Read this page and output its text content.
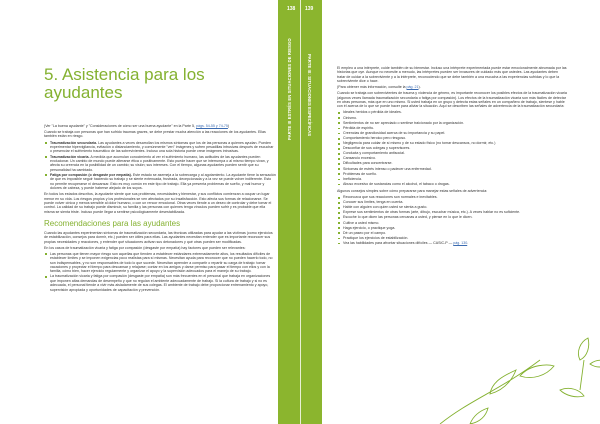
138 139
PARTE III ESTRÉS EN SITUACIONES DE RIESGO	PARTE III: SITUACIONES ESPECÍFICAS
5. Asistencia para los ayudantes

(Ver "La buena ayudante" y "Consideraciones de cómo ser una buena ayudante" en la Parte 5, págs. 54-55 y 74-75)

Cuando se trabaja con personas que han sufrido traumas graves, se debe prestar mucha atención a las reacciones de los ayudantes. Ellas también están en riesgo.

Traumatización secundaria. Las ayudantes a veces desarrollan los mismos síntomas que los de las personas a quienes ayudan. Pueden experimentar hipervigilancia, evitación o distanciamiento, y comúnmente "ven" imágenes y sufren pesadillas intrusivas después de escuchar o presenciar el sufrimiento traumático de las sobrevivientes. Incluso una sola historia puede crear imágenes intrusivas.
Traumatización vicaria. A medida que acumulan conocimiento al ver el sufrimiento humano, las actitudes de las ayudantes pueden evolucionar. Un cambio de mundo puede alterarse ética o positivamente. Esto puede hacer que se interrumpa o al mismo tiempo vivan, y afecta su creencia en la posibilidad de un cambio; su visión; sus intereses. Con el tiempo, algunas ayudantes pueden sentir que su personalidad ha cambiado.
Fatiga por compasión (o desgaste por empatía). Este estado se asemeja a la sobrecarga y al agotamiento. La ayudante tiene la sensación de que es imposible seguir haciendo su trabajo y se siente extenuada, frustrada, decepcionada y a la vez se puede volver indiferente. Esto no permite recuperarse ni descansar. Esto es muy común en este tipo de trabajo. Ella ya presenta problemas de sueño, y mal humor y dolores de cabeza, y puede haberse alejado de los suyos.

En todos los estados descritos, la ayudante siente que sus problemas, necesidades y bienestar, y sus conflictos comienzan a ocupar un lugar menor en su vida. Los riesgos propios y los profesionales se ven afectados por su insatisfacción. Esto afecta sus formas de relacionarse. Se puede volver cínica y menos sensible al dolor humano, o con un rencor emocional. Otras veces tiende a un deseo de controlar y debe tomar el control. La calidad de su trabajo puede disminuir, su familia y las personas con quienes tenga vínculos pueden sufrir y es probable que ella misma se sienta triste. Incluso puede llegar a sentirse psicológicamente desestabilizada.

Recomendaciones para las ayudantes

Cuando las ayudantes experimentan síntomas de traumatización secundaria, las técnicas utilizadas para ayudar a las víctimas (como ejercicios de estabilización, consejos para dormir, etc.) pueden ser útiles para ellas. Las ayudantes necesitan entender que es importante reconocer sus propias necesidades y reacciones, y entender qué situaciones activan sus detonadores y qué otras pueden ser modificadas.

En los casos de traumatización vicaria y fatiga por compasión (desgaste por empatía) hay factores que pueden ser relevantes:

Las personas que tienen mayor riesgo son aquellas que tienden a establecer estándares extremadamente altos, los resultados difíciles de establecer límites y se imponen exigencias poco realistas para sí mismas. Necesitan ayuda para reconocer que no pueden hacerlo todo, no son indispensables, y no son responsables de todo lo que sucede. Necesitan aprender a compartir o repartir su carga de trabajo: tomar vacaciones y proyectar el tiempo para descansar y relajarse; contar en los amigos y darse permiso para pasar el tiempo con ellos y con la familia, cómo bien, hacer ejercicio regularmente y organizar el apoyo y la supervisión adecuados para el manejo de su trabajo.
La traumatización vicaria y fatiga por compasión (desgaste por empatía) son más frecuentes en el personal que trabaja en organizaciones que imponen altas demandas de desempeño y que no regulan el ambiente adecuadamente de trabajo. Si la cultura de trabajo y si no es adecuada, el personal tiende a vivir más aisladamente de sus colegas. El ambiente de trabajo debe proporcionar entrenamiento y apoyo, supervisión apropiada y oportunidades de capacitación y prevención.

El empleo a una intérprete, cuide también de su bienestar. Incluso una intérprete experimentada puede estar emocionalmente abrumada por las historias que oye. Aunque no necesite a menudo, las intérpretes pueden ser invasores de cuidado más que ustedes. Las ayudantes deben tratar de cuidar a la sobreviviente y a la intérprete, reconociendo que se debe también a una escucha a las experiencias sufridas y lo que la sobreviviente dice o hace.

(Para obtener más información, consulte la pág. 21).

Cuando se trabaja con sobrevivientes de trauma y violencia de género, es importante reconocer los posibles efectos de la traumatización vicaria (algunos veces llamada traumatización secundaria o fatiga por compasión). Los efectos de la traumatización vicaria son más fáciles de detectar en otras personas, más que en uno mismo. Si usted trabaja en un grupo y detecta estas señales en un compañero de trabajo, sientese y hable con él acerca de lo que se puede hacer para aliviar la situación. Aquí se describen las señales de advertencia de la traumatización secundaria:

Ideales heridos o pérdida de ideales.
Cinismo.
Sentimientos de no ser apreciado o sentirse traicionado por la organización.
Pérdida de espíritu.
Creencias de grandiosidad acerca de su importancia y su papel.
Comportamiento heroico pero riesgoso.
Negligencia para cuidar de sí mismo y de su estado físico (no tomar descansos, no dormir, etc.)
Desconfiar de sus colegas y supervisores.
Conducta y comportamiento antisocial.
Cansancio excesivo.
Dificultades para concentrarse.
Síntomas de estrés intenso o padecer una enfermedad.
Problemas de sueño.
Ineficiencia.
Abuso excesivo de sustancias como el alcohol, el tabaco o drogas.

Algunos consejos simples sobre cómo prepararse para manejar estas señales de advertencia:

Reconozca que sus reacciones son normales e inevitables.
Conocer sus límites, tenga en cuenta.
Hable con alguien con quien usted se sienta a gusto.
Exprese sus sentimientos de otras formas (arte, dibujo, escuchar música, etc.). A veces hablar no es suficiente.
Escuche lo que dicen las personas cercanas a usted, y piense en lo que le dicen.
Cultive a usted mismo.
Haga ejercicio, o practique yoga.
Dé un paseo por el campo.
Practique los ejercicios de estabilización.
Vea las habilidades para afrontar situaciones difíciles — CASIC-P — pág. 130.
